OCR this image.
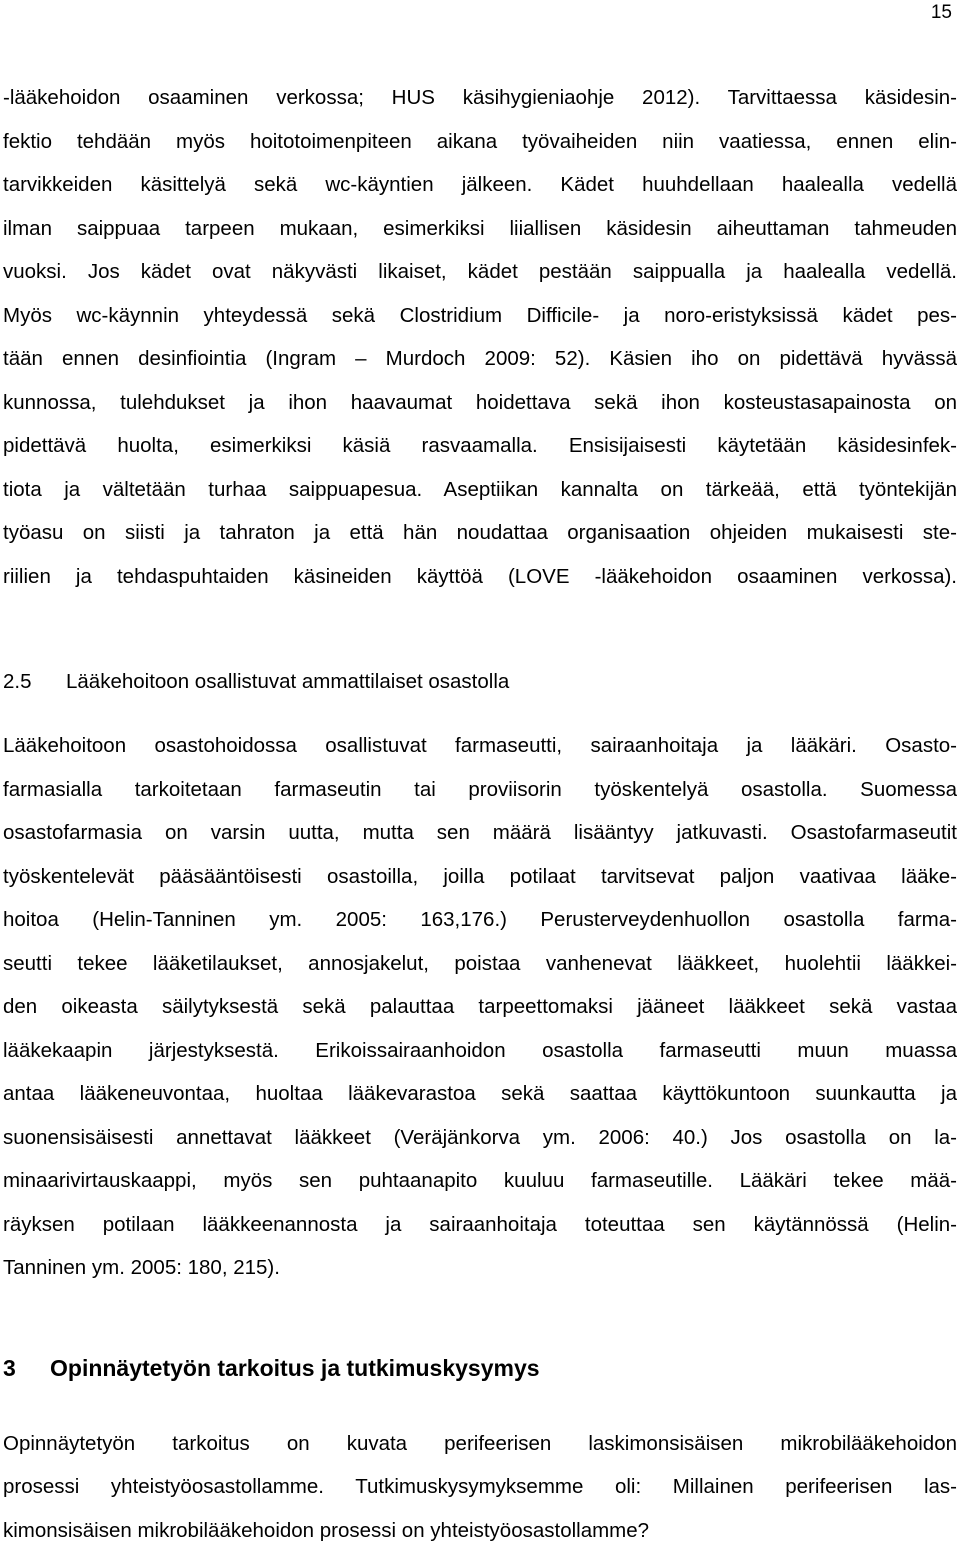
15
-lääkehoidon osaaminen verkossa; HUS käsihygieniaohje 2012). Tarvittaessa käsidesin-
fektio tehdään myös hoitotoimenpiteen aikana työvaiheiden niin vaatiessa, ennen elin-
tarvikkeiden käsittelyä sekä wc-käyntien jälkeen. Kädet huuhdellaan haalealla vedellä
ilman saippuaa tarpeen mukaan, esimerkiksi liiallisen käsidesin aiheuttaman tahmeuden
vuoksi. Jos kädet ovat näkyvästi likaiset, kädet pestään saippualla ja haalealla vedellä.
Myös wc-käynnin yhteydessä sekä Clostridium Difficile- ja noro-eristyksissä kädet pes-
tään ennen desinfiointia (Ingram – Murdoch 2009: 52). Käsien iho on pidettävä hyvässä
kunnossa, tulehdukset ja ihon haavaumat hoidettava sekä ihon kosteustasapainosta on
pidettävä huolta, esimerkiksi käsiä rasvaamalla. Ensisijaisesti käytetään käsidesinfek-
tiota ja vältetään turhaa saippuapesua. Aseptiikan kannalta on tärkeää, että työntekijän
työasu on siisti ja tahraton ja että hän noudattaa organisaation ohjeiden mukaisesti ste-
riilien ja tehdaspuhtaiden käsineiden käyttöä (LOVE -lääkehoidon osaaminen verkossa).
2.5	Lääkehoitoon osallistuvat ammattilaiset osastolla
Lääkehoitoon osastohoidossa osallistuvat farmaseutti, sairaanhoitaja ja lääkäri. Osasto-
farmasialla tarkoitetaan farmaseutin tai proviisorin työskentelyä osastolla. Suomessa
osastofarmasia on varsin uutta, mutta sen määrä lisääntyy jatkuvasti. Osastofarmaseutit
työskentelevät pääsääntöisesti osastoilla, joilla potilaat tarvitsevat paljon vaativaa lääke-
hoitoa (Helin-Tanninen ym. 2005: 163,176.) Perusterveydenhuollon osastolla farma-
seutti tekee lääketilaukset, annosjakelut, poistaa vanhenevat lääkkeet, huolehtii lääkkei-
den oikeasta säilytyksestä sekä palauttaa tarpeettomaksi jääneet lääkkeet sekä vastaa
lääkekaapin järjestyksestä. Erikoissairaanhoidon osastolla farmaseutti muun muassa
antaa lääkeneuvontaa, huoltaa lääkevarastoa sekä saattaa käyttökuntoon suunkautta ja
suonensisäisesti annettavat lääkkeet (Veräjänkorva ym. 2006: 40.) Jos osastolla on la-
minaarivirtauskaappi, myös sen puhtaanapito kuuluu farmaseutille. Lääkäri tekee mää-
räyksen potilaan lääkkeenannosta ja sairaanhoitaja toteuttaa sen käytännössä (Helin-
Tanninen ym. 2005: 180, 215).
3	Opinnäytetyön tarkoitus ja tutkimuskysymys
Opinnäytetyön tarkoitus on kuvata perifeerisen laskimonsisäisen mikrobilääkehoidon
prosessi yhteistyöosastollamme. Tutkimuskysymyksemme oli: Millainen perifeerisen las-
kimonsisäisen mikrobilääkehoidon prosessi on yhteistyöosastollamme?
